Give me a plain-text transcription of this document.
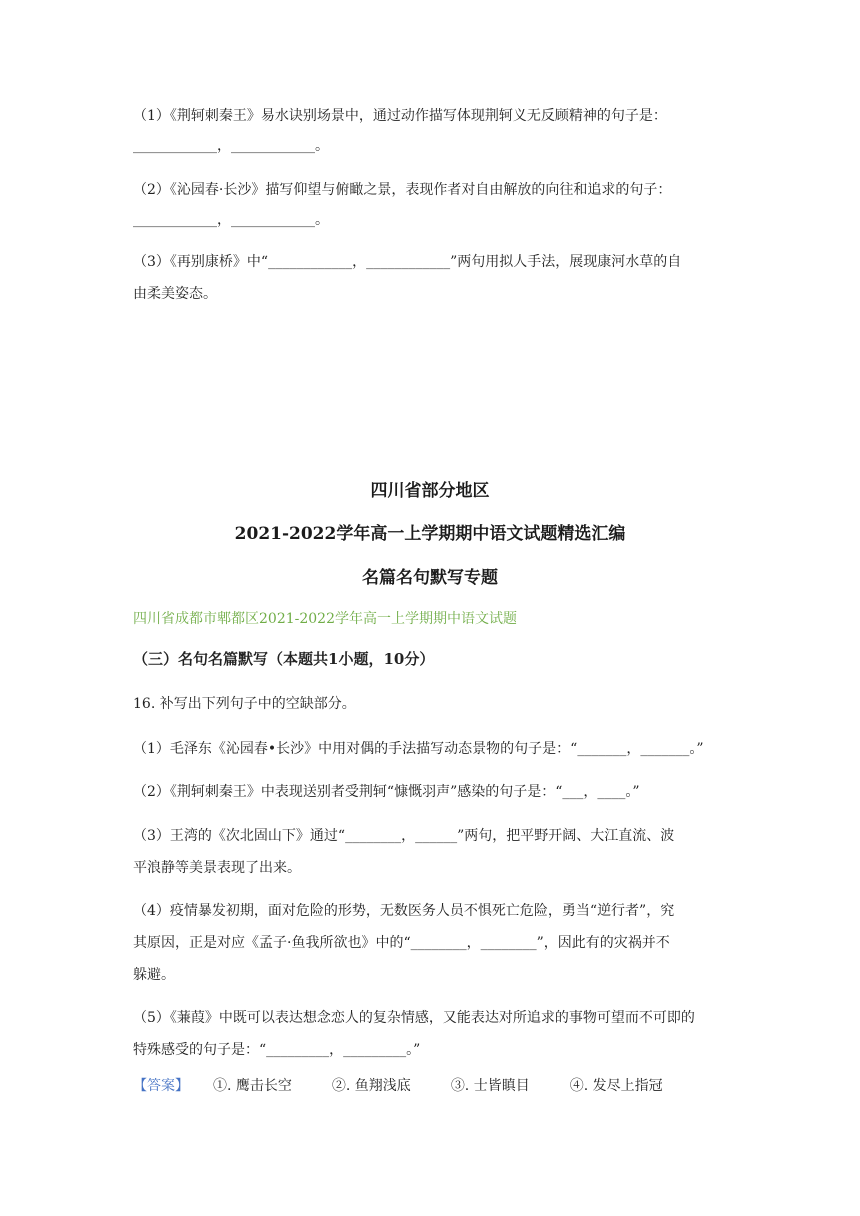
（1）《荆轲刺秦王》易水诀别场景中，通过动作描写体现荆轲义无反顾精神的句子是：
____________，____________。
（2）《沁园春·长沙》描写仰望与俯瞰之景，表现作者对自由解放的向往和追求的句子：
____________，____________。
（3）《再别康桥》中“____________，____________”两句用拟人手法，展现康河水草的自
由柔美姿态。
四川省部分地区
2021-2022学年高一上学期期中语文试题精选汇编
名篇名句默写专题
四川省成都市郫都区2021-2022学年高一上学期期中语文试题
（三）名句名篇默写（本题共1小题，10分）
16. 补写出下列句子中的空缺部分。
（1）毛泽东《沁园春•长沙》中用对偶的手法描写动态景物的句子是：“_______，_______。”
（2）《荆轲刺秦王》中表现送别者受荆轲“慷慨羽声”感染的句子是：“___，____。”
（3）王湾的《次北固山下》通过“________，______”两句，把平野开阔、大江直流、波
平浪静等美景表现了出来。
（4）疫情暴发初期，面对危险的形势，无数医务人员不惧死亡危险，勇当“逆行者”，究
其原因，正是对应《孟子·鱼我所欲也》中的“________，________”，因此有的灾祸并不
躲避。
（5）《蒹葭》中既可以表达想念恋人的复杂情感，又能表达对所追求的事物可望而不可即的
特殊感受的句子是：“_________，_________。”
【答案】	①. 鹰击长空	②. 鱼翔浅底	③. 士皆瞋目	④. 发尽上指冠
